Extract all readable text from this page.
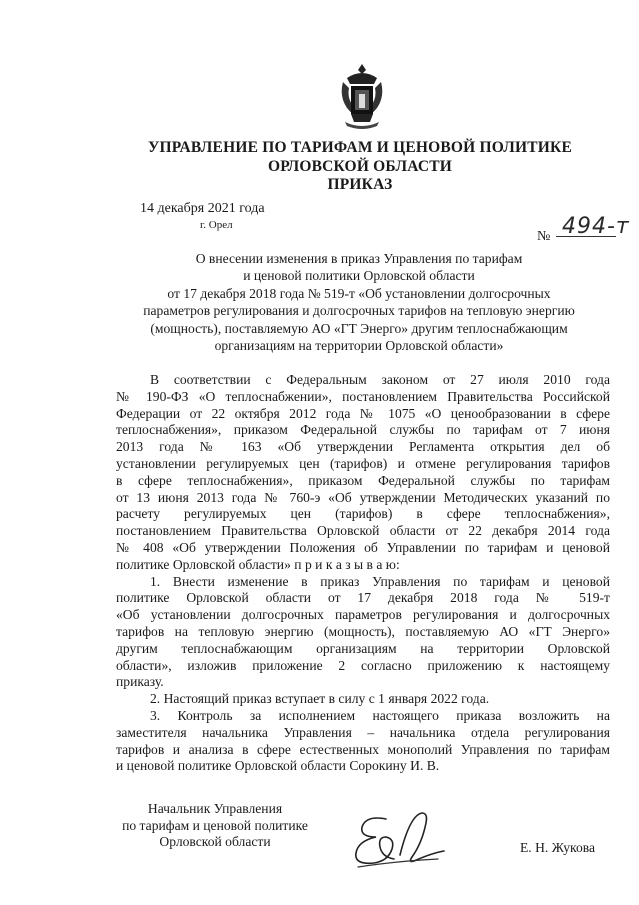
УПРАВЛЕНИЕ ПО ТАРИФАМ И ЦЕНОВОЙ ПОЛИТИКЕ
ОРЛОВСКОЙ ОБЛАСТИ
ПРИКАЗ
14 декабря 2021 года
г. Орел
№ 494-т
О внесении изменения в приказ Управления по тарифам
и ценовой политики Орловской области
от 17 декабря 2018 года № 519-т «Об установлении долгосрочных
параметров регулирования и долгосрочных тарифов на тепловую энергию
(мощность), поставляемую АО «ГТ Энерго» другим теплоснабжающим
организациям на территории Орловской области»
В соответствии с Федеральным законом от 27 июля 2010 года
№ 190-ФЗ «О теплоснабжении», постановлением Правительства Российской
Федерации от 22 октября 2012 года № 1075 «О ценообразовании в сфере
теплоснабжения», приказом Федеральной службы по тарифам от 7 июня
2013 года № 163 «Об утверждении Регламента открытия дел об
установлении регулируемых цен (тарифов) и отмене регулирования тарифов
в сфере теплоснабжения», приказом Федеральной службы по тарифам
от 13 июня 2013 года № 760-э «Об утверждении Методических указаний по
расчету регулируемых цен (тарифов) в сфере теплоснабжения»,
постановлением Правительства Орловской области от 22 декабря 2014 года
№ 408 «Об утверждении Положения об Управлении по тарифам и ценовой
политике Орловской области» п р и к а з ы в а ю:
1. Внести изменение в приказ Управления по тарифам и ценовой
политике Орловской области от 17 декабря 2018 года № 519-т
«Об установлении долгосрочных параметров регулирования и долгосрочных
тарифов на тепловую энергию (мощность), поставляемую АО «ГТ Энерго»
другим теплоснабжающим организациям на территории Орловской
области», изложив приложение 2 согласно приложению к настоящему
приказу.
2. Настоящий приказ вступает в силу с 1 января 2022 года.
3. Контроль за исполнением настоящего приказа возложить на
заместителя начальника Управления – начальника отдела регулирования
тарифов и анализа в сфере естественных монополий Управления по тарифам
и ценовой политике Орловской области Сорокину И. В.
Начальник Управления
по тарифам и ценовой политике
Орловской области	Е. Н. Жукова
